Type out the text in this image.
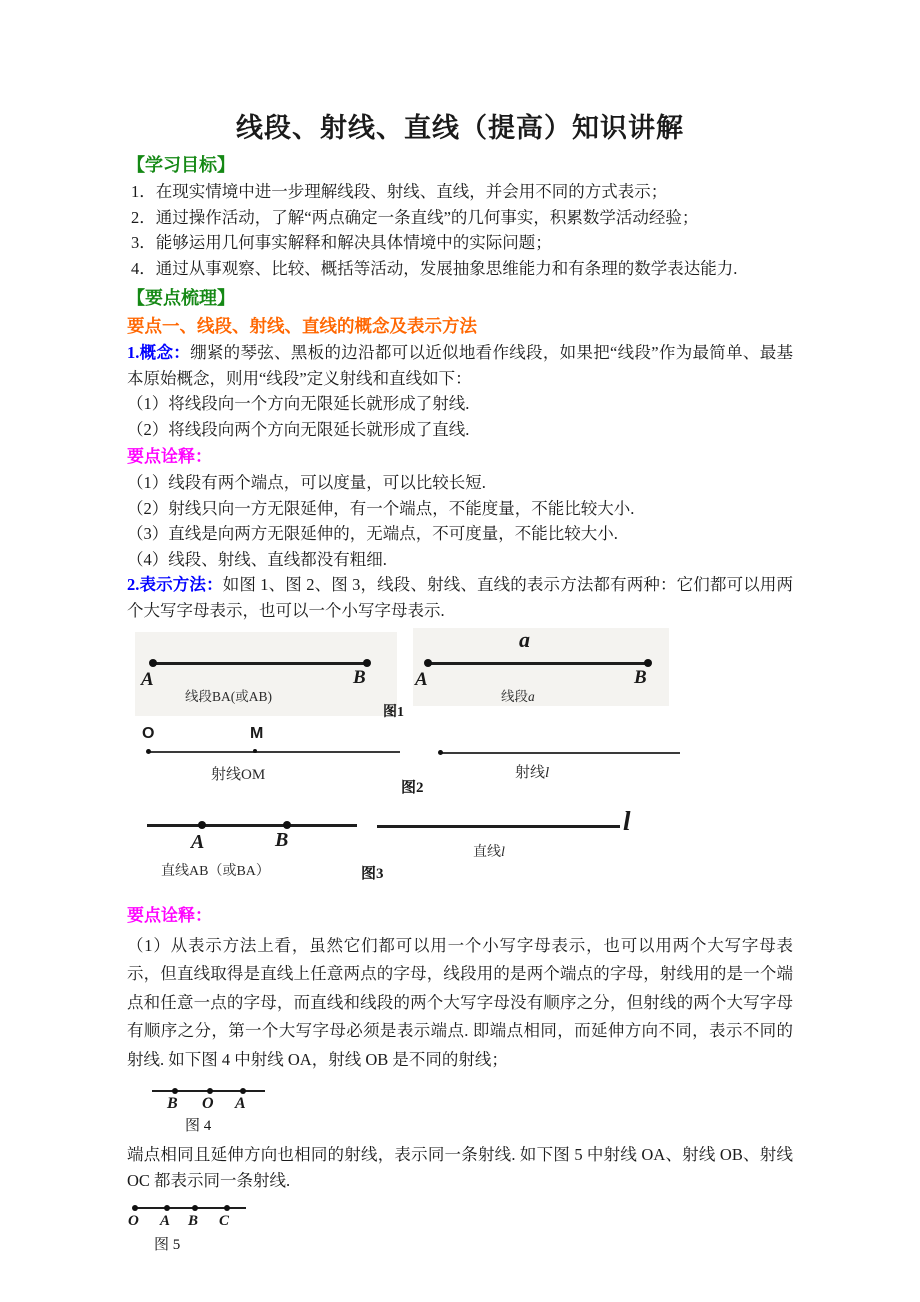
线段、射线、直线（提高）知识讲解
【学习目标】

1．在现实情境中进一步理解线段、射线、直线，并会用不同的方式表示；

2．通过操作活动，了解“两点确定一条直线”的几何事实，积累数学活动经验；

3．能够运用几何事实解释和解决具体情境中的实际问题；

4．通过从事观察、比较、概括等活动，发展抽象思维能力和有条理的数学表达能力.

【要点梳理】
要点一、线段、射线、直线的概念及表示方法

1.概念：绷紧的琴弦、黑板的边沿都可以近似地看作线段，如果把“线段”作为最简单、最基本原始概念，则用“线段”定义射线和直线如下：

（1）将线段向一个方向无限延长就形成了射线.

（2）将线段向两个方向无限延长就形成了直线.

要点诠释：

（1）线段有两个端点，可以度量，可以比较长短.

（2）射线只向一方无限延伸，有一个端点，不能度量，不能比较大小.

（3）直线是向两方无限延伸的，无端点，不可度量，不能比较大小.

（4）线段、射线、直线都没有粗细.

2.表示方法：如图 1、图 2、图 3，线段、射线、直线的表示方法都有两种：它们都可以用两个大写字母表示，也可以一个小写字母表示.

A	B
线段BA(或AB)
a
A	B
线段a
图1
O	M
射线OM	射线l
图2
A	B
直线AB（或BA）
l
直线l
图3
要点诠释：

（1）从表示方法上看，虽然它们都可以用一个小写字母表示，也可以用两个大写字母表示，但直线取得是直线上任意两点的字母，线段用的是两个端点的字母，射线用的是一个端点和任意一点的字母，而直线和线段的两个大写字母没有顺序之分，但射线的两个大写字母有顺序之分，第一个大写字母必须是表示端点. 即端点相同，而延伸方向不同，表示不同的射线. 如下图 4 中射线 OA，射线 OB 是不同的射线；

B O A
图 4

端点相同且延伸方向也相同的射线，表示同一条射线. 如下图 5 中射线 OA、射线 OB、射线 OC 都表示同一条射线.

O A B C
图 5
